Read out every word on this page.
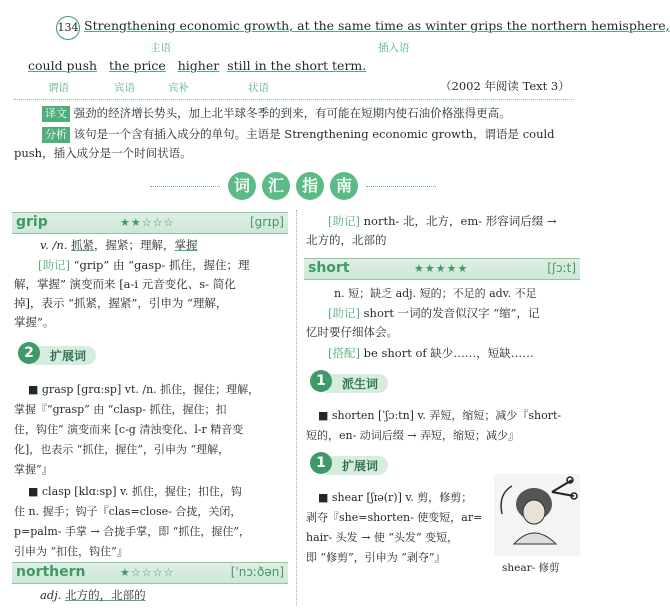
134 Strengthening economic growth, at the same time as winter grips the northern hemisphere,
主语	插入语
could push the price higher still in the short term.
谓语	宾语	宾补	状语	（2002 年阅读 Text 3）
译文 强劲的经济增长势头，加上北半球冬季的到来，有可能在短期内使石油价格涨得更高。
分析 该句是一个含有插入成分的单句。主语是 Strengthening economic growth，谓语是 could
push，插入成分是一个时间状语。
词	汇	指	南
grip	★★☆☆☆	[grɪp]
v. /n. 抓紧，握紧；理解，掌握
[助记] “grip” 由 “gasp- 抓住，握住；理
解，掌握” 演变而来 [a-i 元音变化、s- 简化
掉]，表示 “抓紧，握紧”，引申为 “理解，
掌握”。
扩展词
2
■ grasp [grɑːsp] vt. /n. 抓住，握住；理解，
掌握『“grasp” 由 “clasp- 抓住，握住；扣
住，钩住” 演变而来 [c-g 清浊变化、l-r 精音变
化]，也表示 “抓住，握住”，引申为 “理解，
掌握”』
■ clasp [klɑːsp] v. 抓住，握住；扣住，钩
住 n. 握手；钩子『clas=close- 合拢，关闭，
p=palm- 手掌 → 合拢手掌，即 “抓住，握住”，
引申为 “扣住，钩住”』
northern	★☆☆☆☆	[ˈnɔːðən]
adj. 北方的，北部的
[助记] north- 北，北方，em- 形容词后缀 →
北方的，北部的
short	★★★★★	[ʃɔːt]
n. 短；缺乏 adj. 短的；不足的 adv. 不足
[助记] short 一词的发音似汉字 “缩”，记
忆时要仔细体会。
[搭配] be short of 缺少……，短缺……
派生词
1
■ shorten [ˈʃɔːtn] v. 弄短，缩短；减少『short-
短的，en- 动词后缀 → 弄短，缩短；减少』
扩展词
1
■ shear [ʃɪə(r)] v. 剪，修剪；
剥夺『she=shorten- 使变短，ar=
hair- 头发 → 使 “头发” 变短，
即 “修剪”，引申为 “剥夺”』
shear- 修剪
